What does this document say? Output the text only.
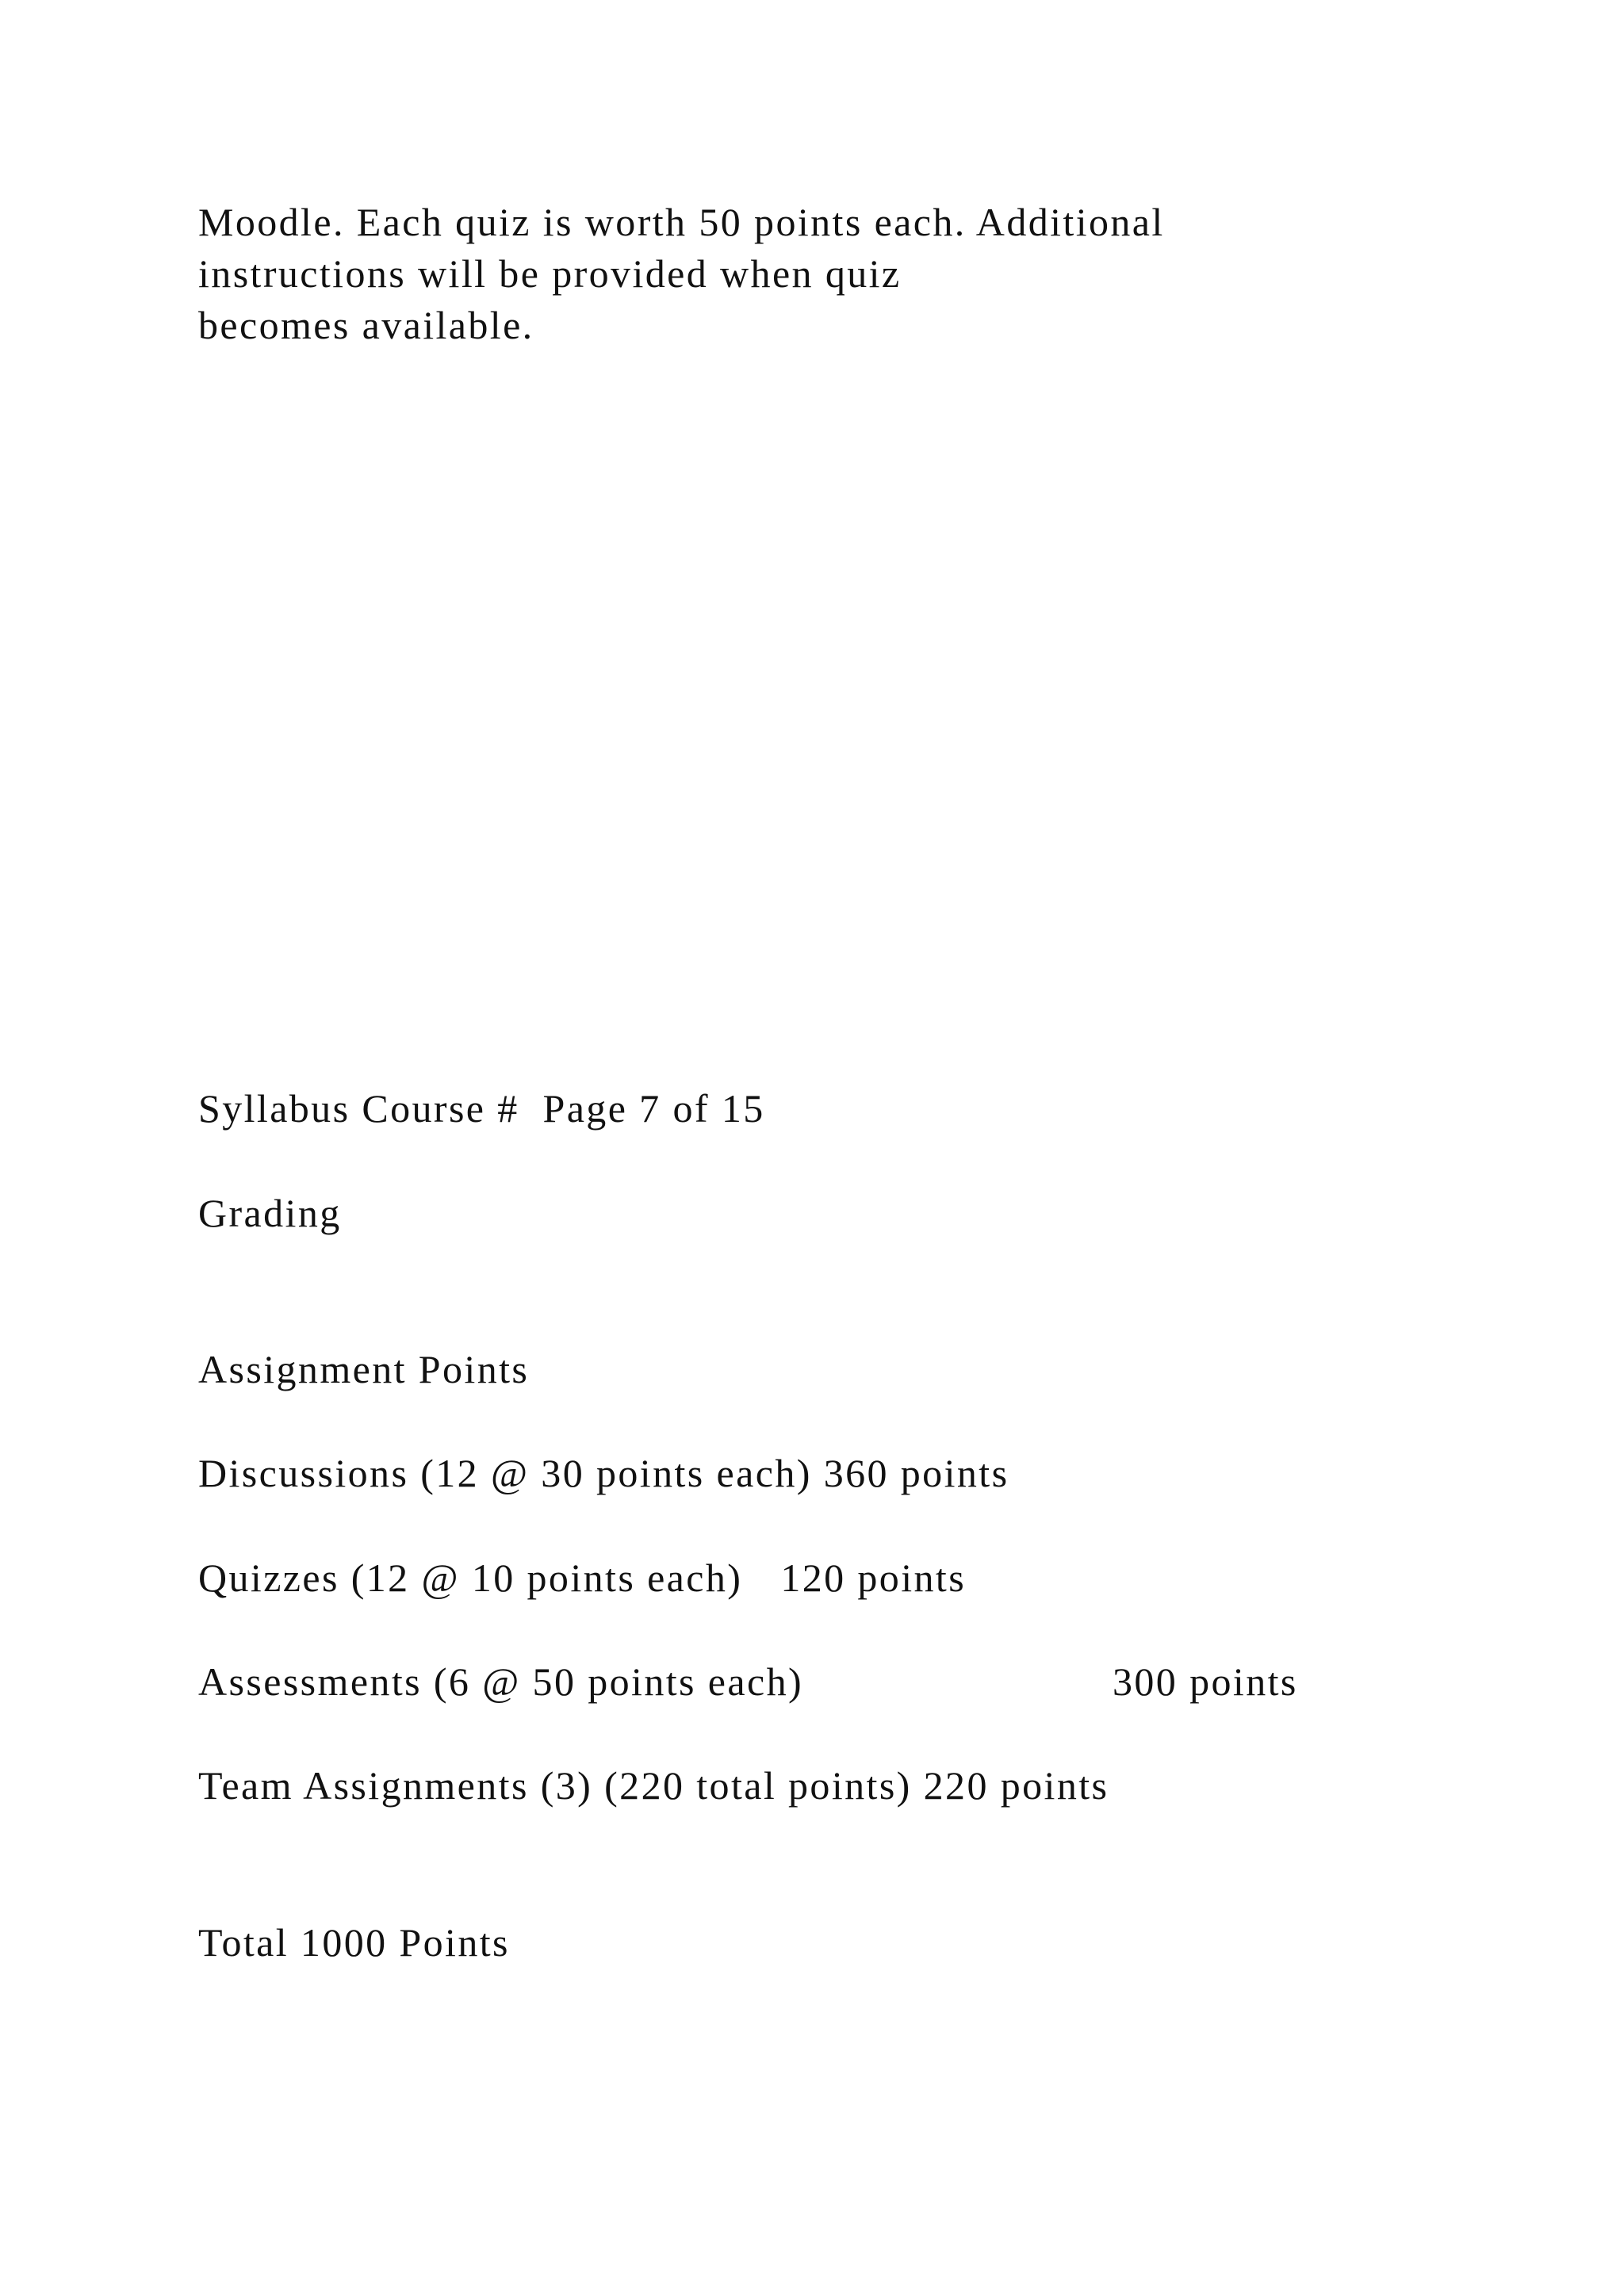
Moodle. Each quiz is worth 50 points each. Additional
instructions will be provided when quiz
becomes available.
Syllabus Course #  Page 7 of 15
Grading
Assignment Points
Discussions (12 @ 30 points each) 360 points
Quizzes (12 @ 10 points each) 120 points
Assessments (6 @ 50 points each)	300 points
Team Assignments (3) (220 total points) 220 points
Total 1000 Points
